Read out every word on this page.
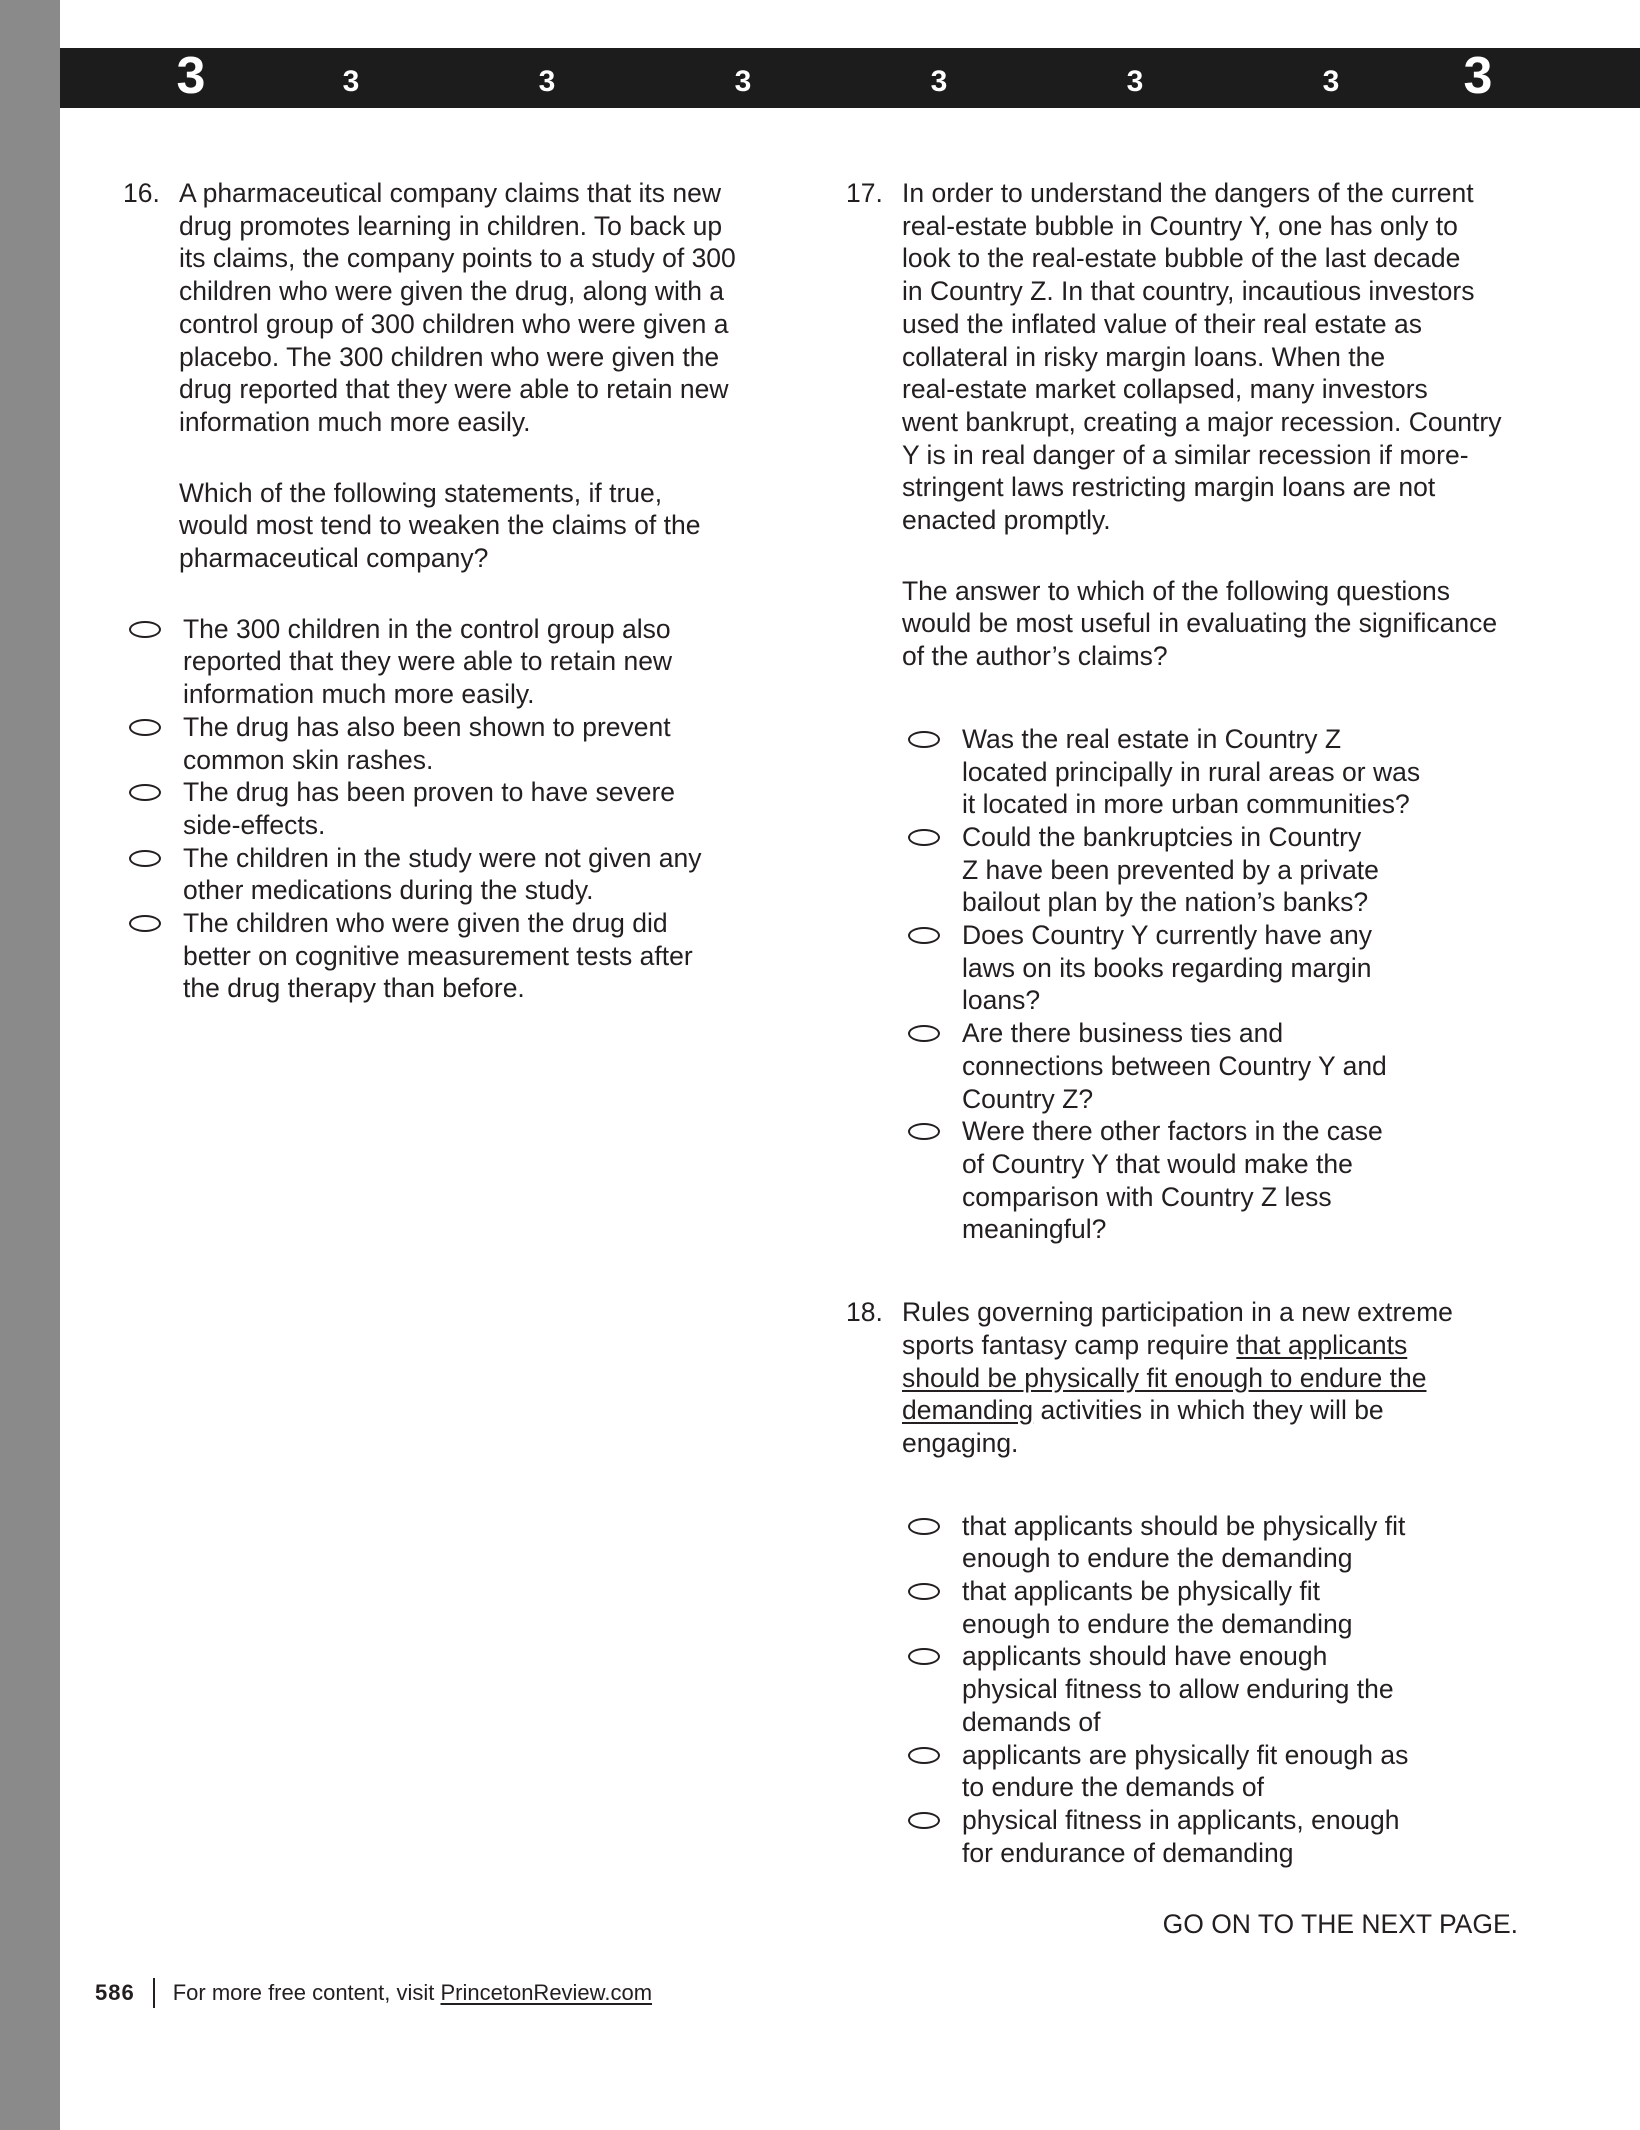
3	3	3	3	3	3	3 3
16. A pharmaceutical company claims that its new
drug promotes learning in children. To back up
its claims, the company points to a study of 300
children who were given the drug, along with a
control group of 300 children who were given a
placebo. The 300 children who were given the
drug reported that they were able to retain new
information much more easily.
Which of the following statements, if true,
would most tend to weaken the claims of the
pharmaceutical company?
The 300 children in the control group also
reported that they were able to retain new
information much more easily.
The drug has also been shown to prevent
common skin rashes.
The drug has been proven to have severe
side-effects.
The children in the study were not given any
other medications during the study.
The children who were given the drug did
better on cognitive measurement tests after
the drug therapy than before.
17. In order to understand the dangers of the current
real-estate bubble in Country Y, one has only to
look to the real-estate bubble of the last decade
in Country Z. In that country, incautious investors
used the inflated value of their real estate as
collateral in risky margin loans. When the
real-estate market collapsed, many investors
went bankrupt, creating a major recession. Country
Y is in real danger of a similar recession if more-
stringent laws restricting margin loans are not
enacted promptly.
The answer to which of the following questions
would be most useful in evaluating the significance
of the author’s claims?
Was the real estate in Country Z
located principally in rural areas or was
it located in more urban communities?
Could the bankruptcies in Country
Z have been prevented by a private
bailout plan by the nation’s banks?
Does Country Y currently have any
laws on its books regarding margin
loans?
Are there business ties and
connections between Country Y and
Country Z?
Were there other factors in the case
of Country Y that would make the
comparison with Country Z less
meaningful?
18. Rules governing participation in a new extreme
sports fantasy camp require that applicants
should be physically fit enough to endure the
demanding activities in which they will be
engaging.
that applicants should be physically fit
enough to endure the demanding
that applicants be physically fit
enough to endure the demanding
applicants should have enough
physical fitness to allow enduring the
demands of
applicants are physically fit enough as
to endure the demands of
physical fitness in applicants, enough
for endurance of demanding
GO ON TO THE NEXT PAGE.
586 For more free content, visit PrincetonReview.com
